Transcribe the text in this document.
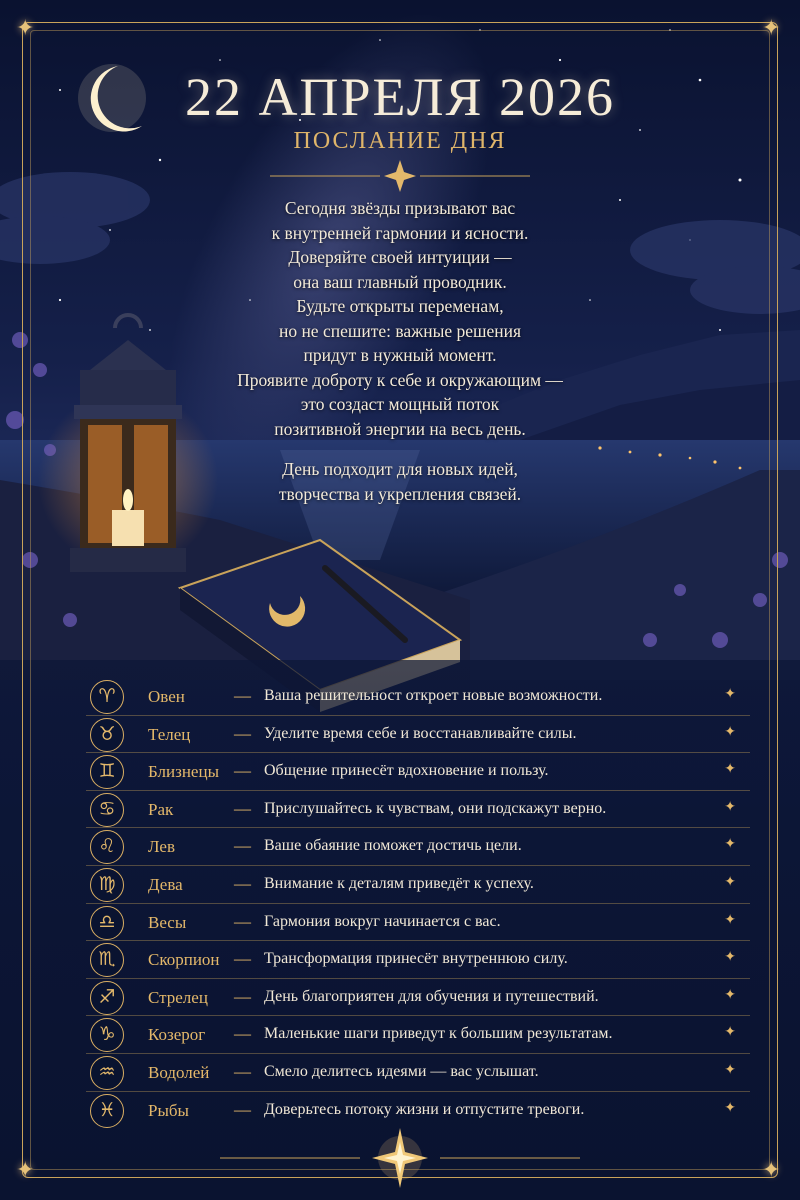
✦	✦
✦	✦
22 АПРЕЛЯ 2026
ПОСЛАНИЕ ДНЯ
Сегодня звёзды призывают вас
к внутренней гармонии и ясности.
Доверяйте своей интуиции —
она ваш главный проводник.
Будьте открыты переменам,
но не спешите: важные решения
придут в нужный момент.
Проявите доброту к себе и окружающим —
это создаст мощный поток
позитивной энергии на весь день.
День подходит для новых идей,
творчества и укрепления связей.
♈	Овен	— Ваша решительност откроет новые возможности.	✦
♉	Телец	— Уделите время себе и восстанавливайте силы.	✦
♊	Близнецы — Общение принесёт вдохновение и пользу.	✦
♋	Рак	— Прислушайтесь к чувствам, они подскажут верно.	✦
♌	Лев	— Ваше обаяние поможет достичь цели.	✦
♍	Дева	— Внимание к деталям приведёт к успеху.	✦
♎	Весы	— Гармония вокруг начинается с вас.	✦
♏	Скорпион — Трансформация принесёт внутреннюю силу.	✦
♐	Стрелец — День благоприятен для обучения и путешествий.	✦
♑	Козерог — Маленькие шаги приведут к большим результатам.	✦
♒	Водолей — Смело делитесь идеями — вас услышат.	✦
♓	Рыбы	— Доверьтесь потоку жизни и отпустите тревоги.	✦
